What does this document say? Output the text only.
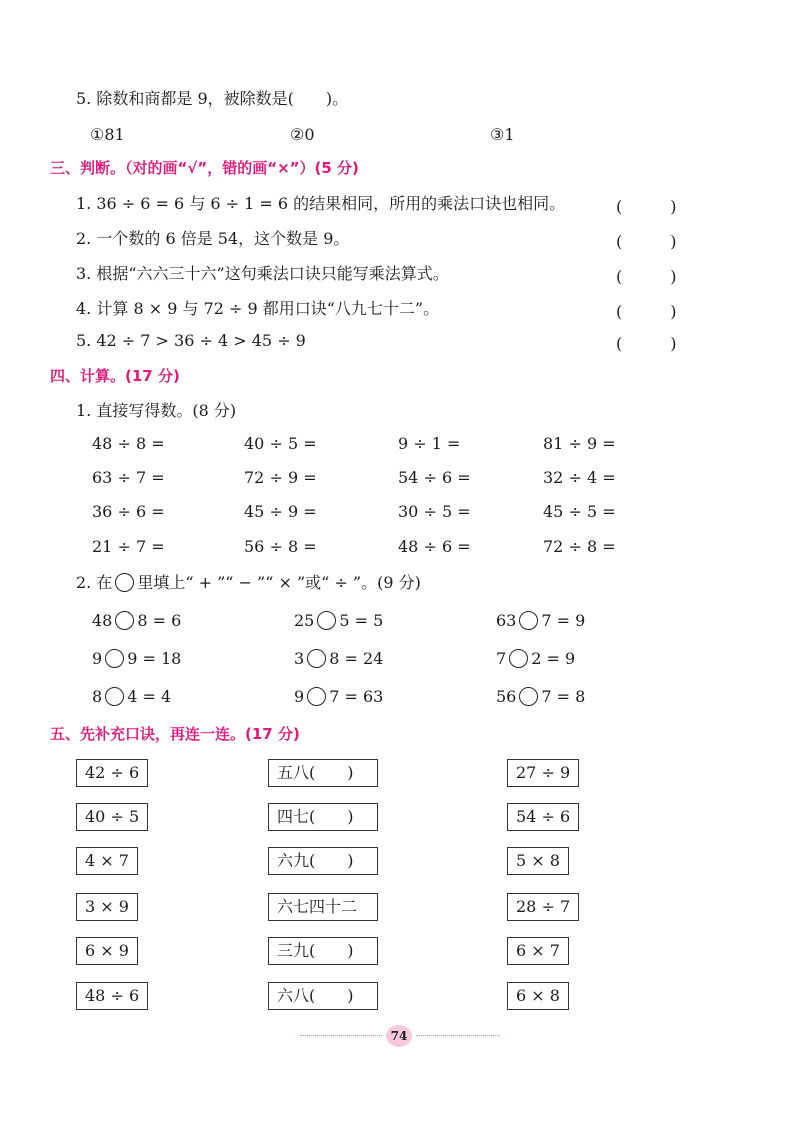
5. 除数和商都是 9，被除数是(　　)。
①81	②0	③1
三、判断。（对的画“√”，错的画“×”）(5 分)
1. 36 ÷ 6 = 6 与 6 ÷ 1 = 6 的结果相同，所用的乘法口诀也相同。	(　　　)
2. 一个数的 6 倍是 54，这个数是 9。	(　　　)
3. 根据“六六三十六”这句乘法口诀只能写乘法算式。	(　　　)
4. 计算 8 × 9 与 72 ÷ 9 都用口诀“八九七十二”。	(　　　)
5. 42 ÷ 7 > 36 ÷ 4 > 45 ÷ 9	(　　　)
四、计算。(17 分)
1. 直接写得数。(8 分)
48 ÷ 8 =	40 ÷ 5 =	9 ÷ 1 =	81 ÷ 9 =
63 ÷ 7 =	72 ÷ 9 =	54 ÷ 6 =	32 ÷ 4 =
36 ÷ 6 =	45 ÷ 9 =	30 ÷ 5 =	45 ÷ 5 =
21 ÷ 7 =	56 ÷ 8 =	48 ÷ 6 =	72 ÷ 8 =
2. 在 里填上“ + ”“ − ”“ × ”或“ ÷ ”。(9 分)
48 8 = 6	25 5 = 5	63 7 = 9
9 9 = 18	3 8 = 24	7 2 = 9
8 4 = 4	9 7 = 63	56 7 = 8
五、先补充口诀，再连一连。(17 分)
42 ÷ 6	五八(　　)	27 ÷ 9
40 ÷ 5	四七(　　)	54 ÷ 6
4 × 7	六九(　　)	5 × 8
3 × 9	六七四十二	28 ÷ 7
6 × 9	三九(　　)	6 × 7
48 ÷ 6	六八(　　)	6 × 8
74
